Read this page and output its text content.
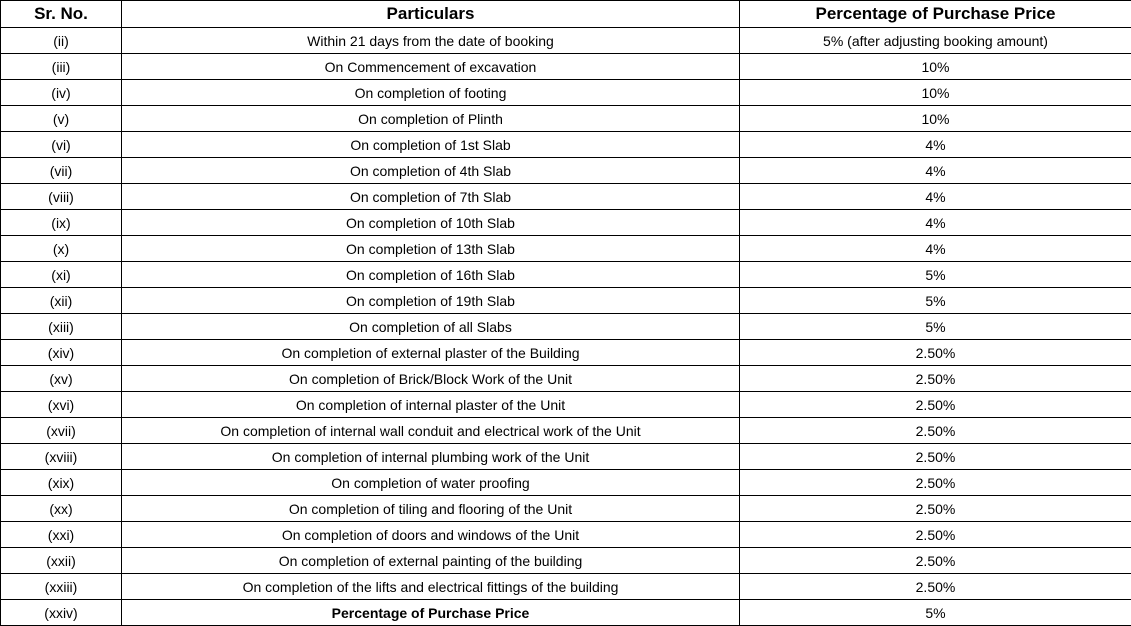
Sr. No.	Particulars	Percentage of Purchase Price
(ii)	Within 21 days from the date of booking	5% (after adjusting booking amount)
(iii)	On Commencement of excavation	10%
(iv)	On completion of footing	10%
(v)	On completion of Plinth	10%
(vi)	On completion of 1st Slab	4%
(vii)	On completion of 4th Slab	4%
(viii)	On completion of 7th Slab	4%
(ix)	On completion of 10th Slab	4%
(x)	On completion of 13th Slab	4%
(xi)	On completion of 16th Slab	5%
(xii)	On completion of 19th Slab	5%
(xiii)	On completion of all Slabs	5%
(xiv)	On completion of external plaster of the Building	2.50%
(xv)	On completion of Brick/Block Work of the Unit	2.50%
(xvi)	On completion of internal plaster of the Unit	2.50%
(xvii)	On completion of internal wall conduit and electrical work of the Unit	2.50%
(xviii)	On completion of internal plumbing work of the Unit	2.50%
(xix)	On completion of water proofing	2.50%
(xx)	On completion of tiling and flooring of the Unit	2.50%
(xxi)	On completion of doors and windows of the Unit	2.50%
(xxii)	On completion of external painting of the building	2.50%
(xxiii)	On completion of the lifts and electrical fittings of the building	2.50%
(xxiv)	Percentage of Purchase Price	5%
